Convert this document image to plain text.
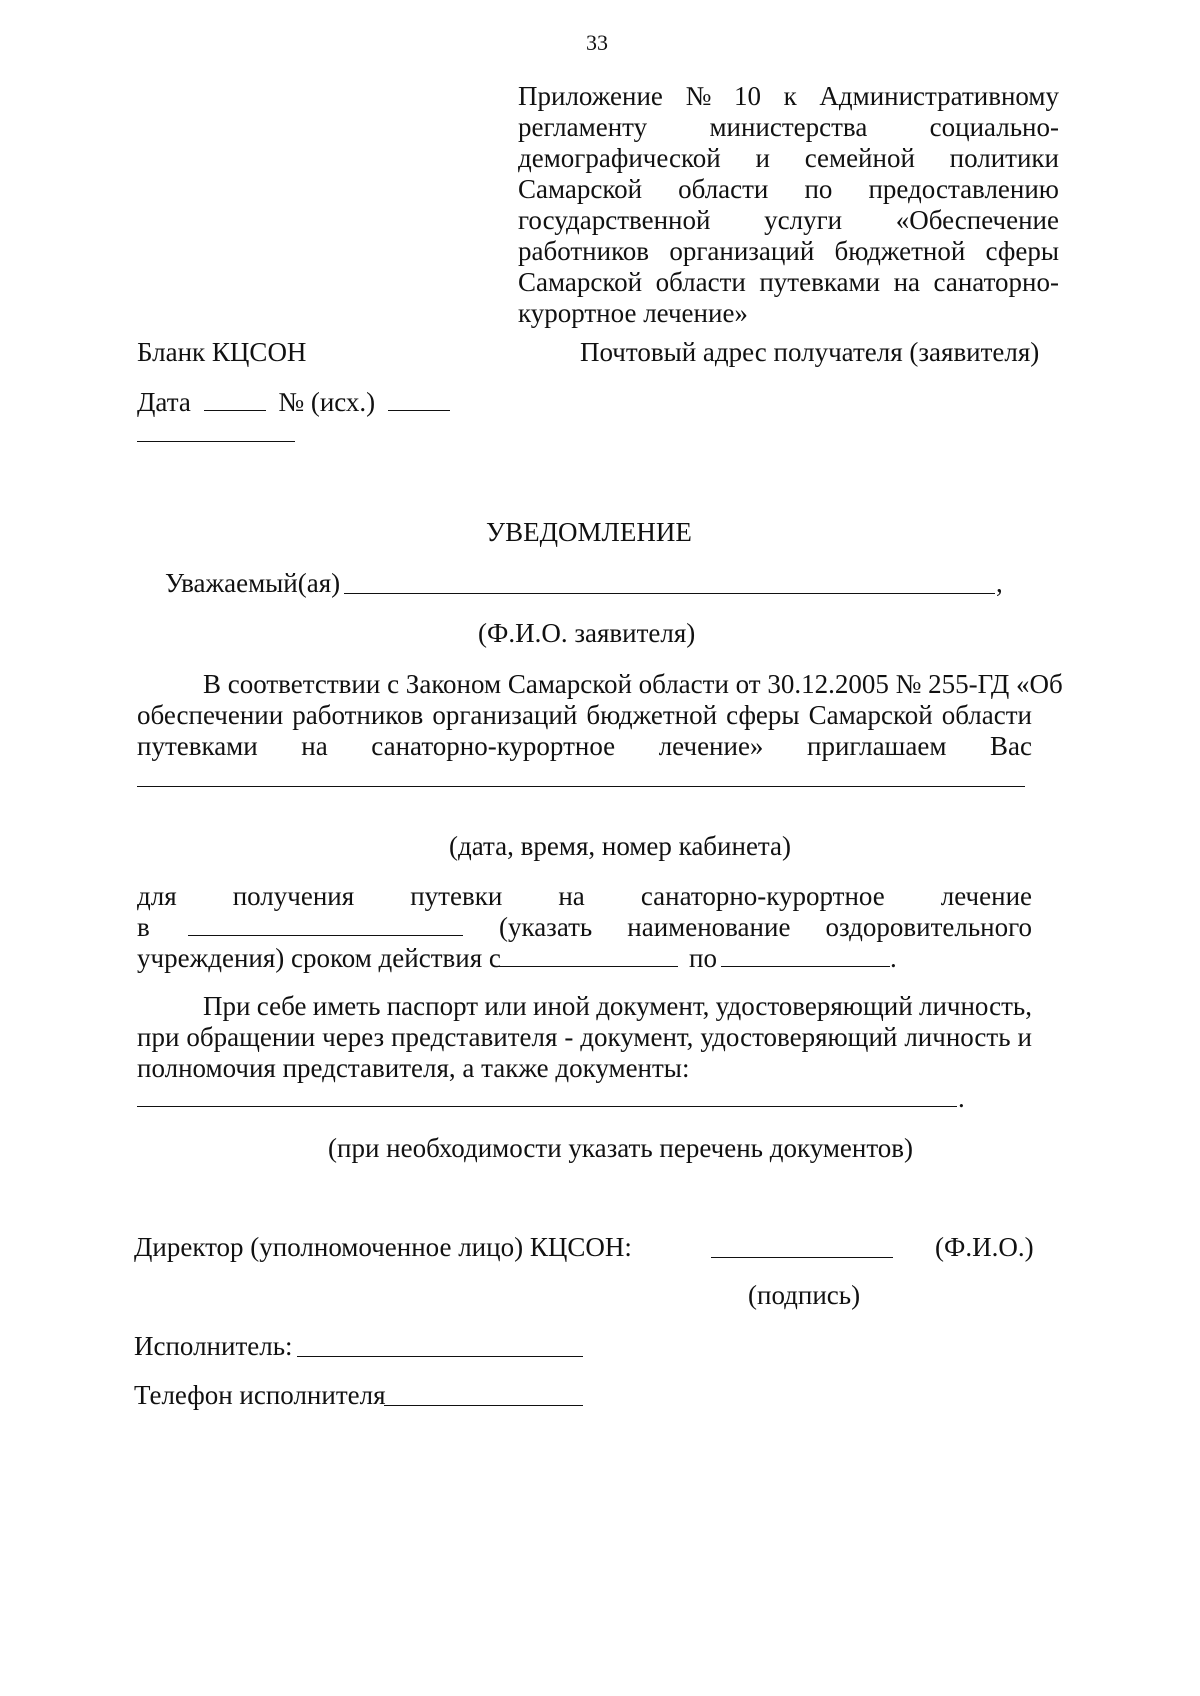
33
Приложение № 10 к Административному
регламенту министерства социально-
демографической и семейной политики
Самарской области по предоставлению
государственной услуги «Обеспечение
работников организаций бюджетной сферы
Самарской области путевками на санаторно-
курортное лечение»
Бланк КЦСОН	Почтовый адрес получателя (заявителя)
Дата	№ (исх.)
УВЕДОМЛЕНИЕ
Уважаемый(ая)	,
(Ф.И.О. заявителя)
В соответствии с Законом Самарской области от 30.12.2005 № 255-ГД «Об
обеспечении работников организаций бюджетной сферы Самарской области
путевками на санаторно-курортное лечение» приглашаем Вас
(дата, время, номер кабинета)
для получения путевки на санаторно-курортное лечение
в	(указать наименование оздоровительного
учреждения) сроком действия с	по	.
При себе иметь паспорт или иной документ, удостоверяющий личность,
при обращении через представителя - документ, удостоверяющий личность и
полномочия представителя, а также документы:
.
(при необходимости указать перечень документов)
Директор (уполномоченное лицо) КЦСОН:	(Ф.И.О.)
(подпись)
Исполнитель:
Телефон исполнителя
